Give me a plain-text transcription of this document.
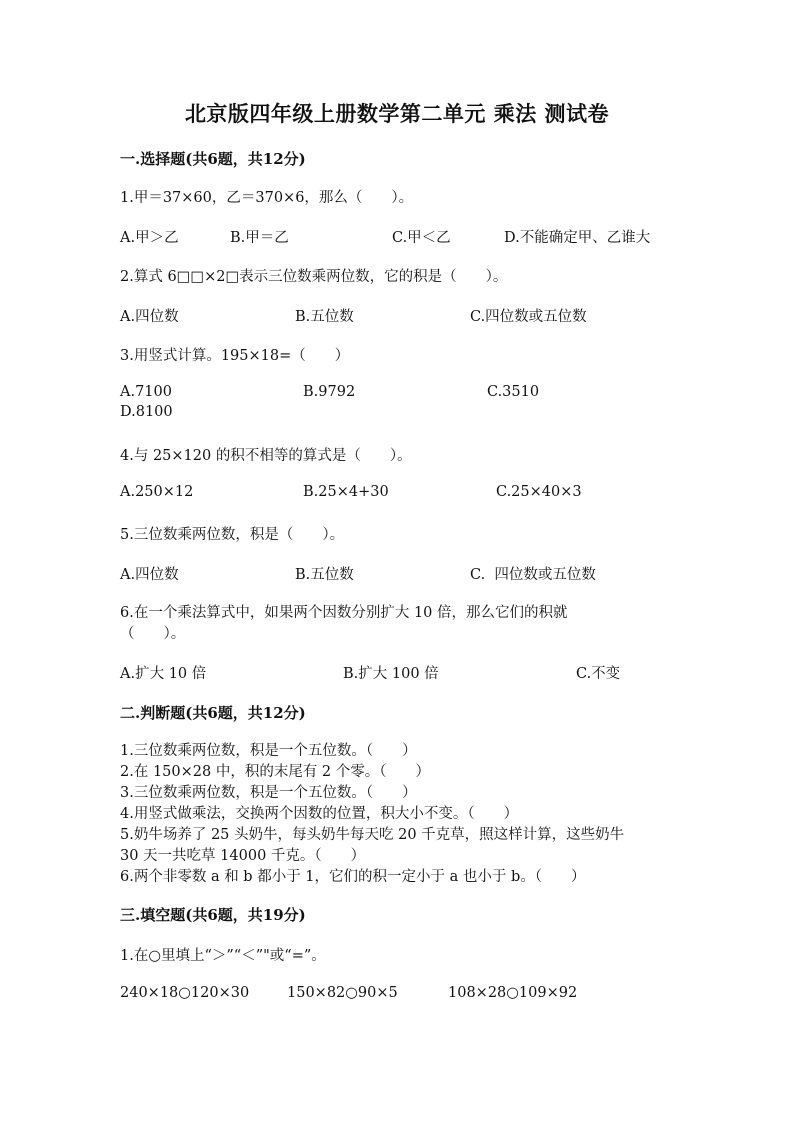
北京版四年级上册数学第二单元 乘法 测试卷
一.选择题(共6题，共12分)
1.甲＝37×60，乙＝370×6，那么（　　）。
A.甲＞乙	B.甲＝乙	C.甲＜乙	D.不能确定甲、乙谁大
2.算式 6□□×2□表示三位数乘两位数，它的积是（　　）。
A.四位数	B.五位数	C.四位数或五位数
3.用竖式计算。195×18=（　　）
A.7100	B.9792	C.3510
D.8100
4.与 25×120 的积不相等的算式是（　　）。
A.250×12	B.25×4+30	C.25×40×3
5.三位数乘两位数，积是（　　）。
A.四位数	B.五位数	C.  四位数或五位数
6.在一个乘法算式中，如果两个因数分别扩大 10 倍，那么它们的积就
（　　）。
A.扩大 10 倍	B.扩大 100 倍	C.不变
二.判断题(共6题，共12分)
1.三位数乘两位数，积是一个五位数。（　　）
2.在 150×28 中，积的末尾有 2 个零。（　　）
3.三位数乘两位数，积是一个五位数。（　　）
4.用竖式做乘法，交换两个因数的位置，积大小不变。（　　）
5.奶牛场养了 25 头奶牛，每头奶牛每天吃 20 千克草，照这样计算，这些奶牛
30 天一共吃草 14000 千克。（　　）
6.两个非零数 a 和 b 都小于 1，它们的积一定小于 a 也小于 b。（　　）
三.填空题(共6题，共19分)
1.在○里填上“＞”“＜”"或“=”。
240×18○120×30	150×82○90×5	108×28○109×92
